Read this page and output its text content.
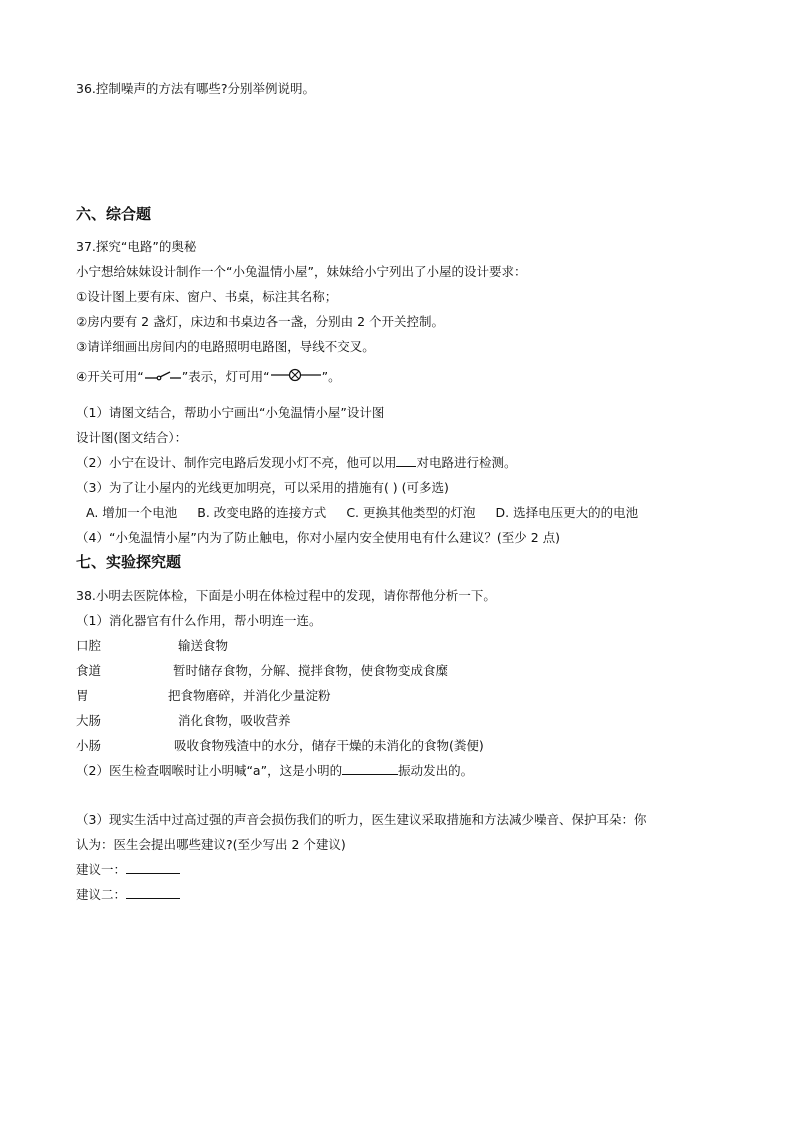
36.控制噪声的方法有哪些?分别举例说明。
六、综合题
37.探究“电路”的奥秘
小宁想给妹妹设计制作一个“小兔温情小屋”，妹妹给小宁列出了小屋的设计要求：
①设计图上要有床、窗户、书桌，标注其名称；
②房内要有 2 盏灯，床边和书桌边各一盏，分别由 2 个开关控制。
③请详细画出房间内的电路照明电路图，导线不交叉。
④开关可用“	”表示，灯可用“	”。
（1）请图文结合，帮助小宁画出“小兔温情小屋”设计图
设计图(图文结合）：
（2）小宁在设计、制作完电路后发现小灯不亮，他可以用 对电路进行检测。
（3）为了让小屋内的光线更加明亮，可以采用的措施有( ) (可多选)
A. 增加一个电池 B. 改变电路的连接方式 C. 更换其他类型的灯泡 D. 选择电压更大的的电池
（4）“小兔温情小屋”内为了防止触电，你对小屋内安全使用电有什么建议？(至少 2 点)
七、实验探究题
38.小明去医院体检，下面是小明在体检过程中的发现，请你帮他分析一下。
（1）消化器官有什么作用，帮小明连一连。
口腔	输送食物
食道	暂时储存食物，分解、搅拌食物，使食物变成食糜
胃	把食物磨碎，并消化少量淀粉
大肠	消化食物，吸收营养
小肠	吸收食物残渣中的水分，储存干燥的未消化的食物(粪便)
（2）医生检查咽喉时让小明喊“a”，这是小明的	振动发出的。
（3）现实生活中过高过强的声音会损伤我们的听力，医生建议采取措施和方法减少噪音、保护耳朵：你
认为：医生会提出哪些建议?(至少写出 2 个建议)
建议一：
建议二：
